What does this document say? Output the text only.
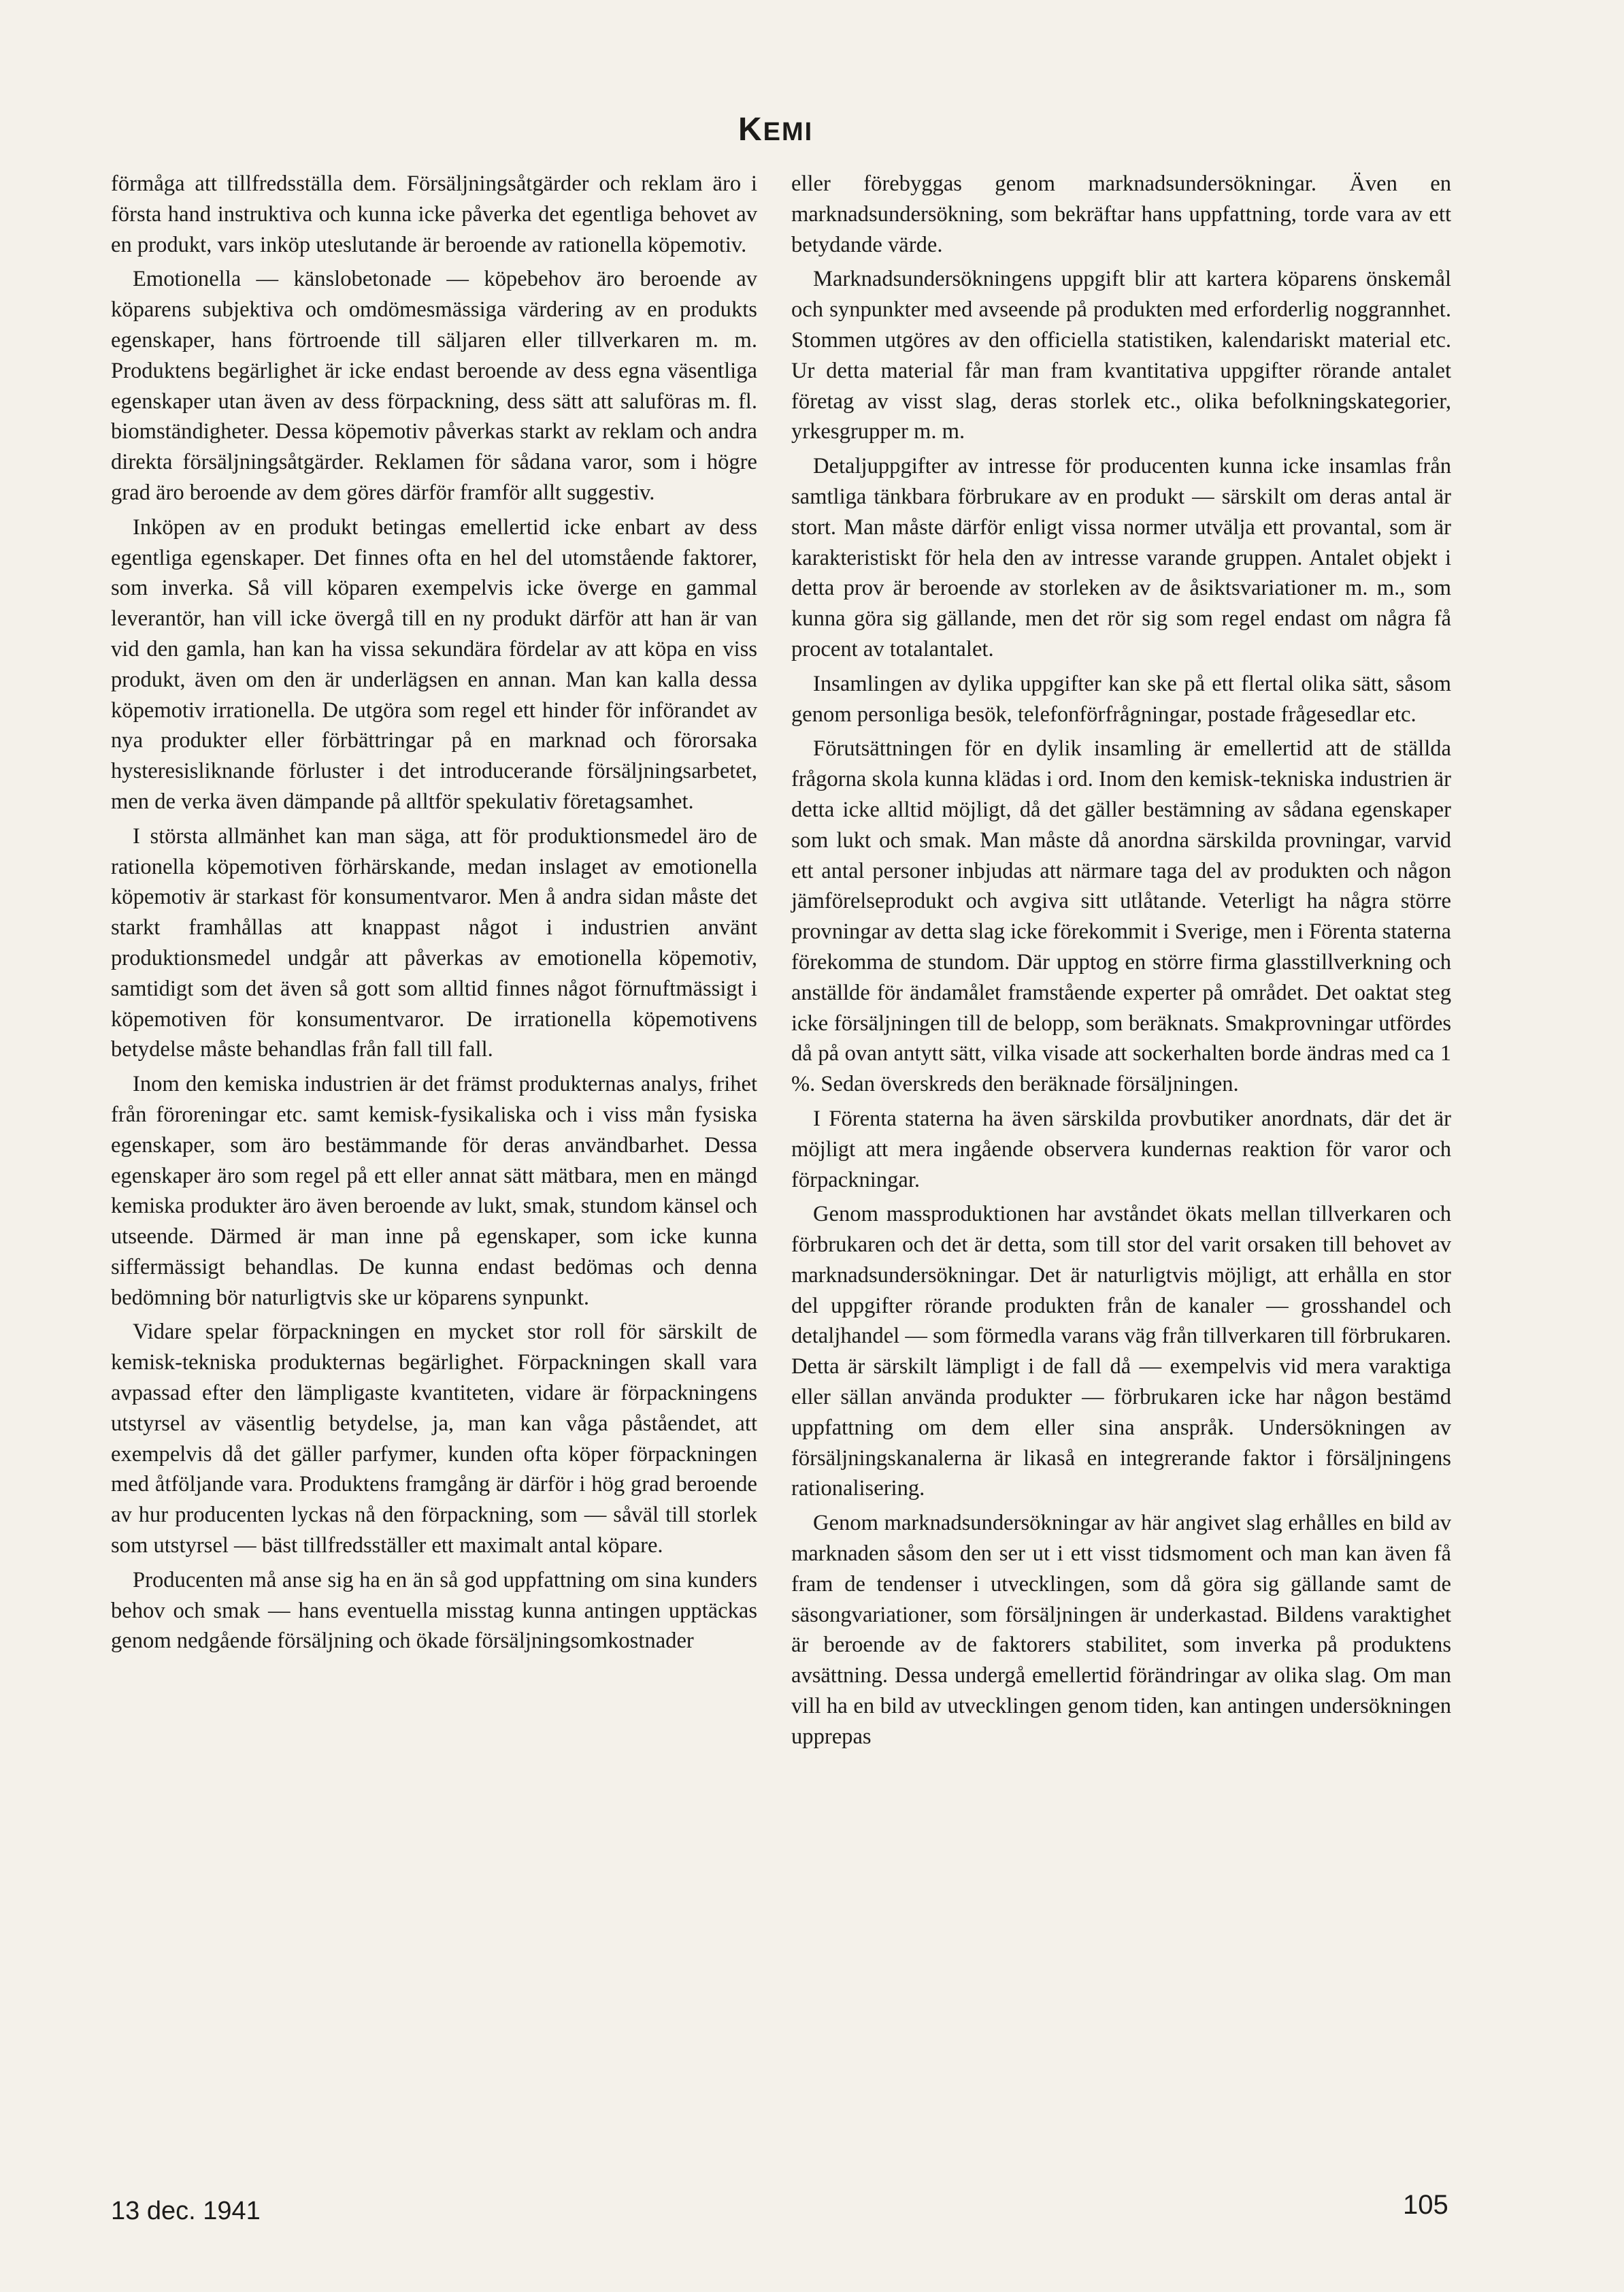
KEMI

förmåga att tillfredsställa dem. Försäljningsåtgärder och reklam äro i första hand instruktiva och kunna icke påverka det egentliga behovet av en produkt, vars inköp uteslutande är beroende av rationella köpemotiv.

Emotionella — känslobetonade — köpebehov äro beroende av köparens subjektiva och omdömesmässiga värdering av en produkts egenskaper, hans förtroende till säljaren eller tillverkaren m. m. Produktens begärlighet är icke endast beroende av dess egna väsentliga egenskaper utan även av dess förpackning, dess sätt att saluföras m. fl. biomständigheter. Dessa köpemotiv påverkas starkt av reklam och andra direkta försäljningsåtgärder. Reklamen för sådana varor, som i högre grad äro beroende av dem göres därför framför allt suggestiv.

Inköpen av en produkt betingas emellertid icke enbart av dess egentliga egenskaper. Det finnes ofta en hel del utomstående faktorer, som inverka. Så vill köparen exempelvis icke överge en gammal leverantör, han vill icke övergå till en ny produkt därför att han är van vid den gamla, han kan ha vissa sekundära fördelar av att köpa en viss produkt, även om den är underlägsen en annan. Man kan kalla dessa köpemotiv irrationella. De utgöra som regel ett hinder för införandet av nya produkter eller förbättringar på en marknad och förorsaka hysteresisliknande förluster i det introducerande försäljningsarbetet, men de verka även dämpande på alltför spekulativ företagsamhet.

I största allmänhet kan man säga, att för produktionsmedel äro de rationella köpemotiven förhärskande, medan inslaget av emotionella köpemotiv är starkast för konsumentvaror. Men å andra sidan måste det starkt framhållas att knappast något i industrien använt produktionsmedel undgår att påverkas av emotionella köpemotiv, samtidigt som det även så gott som alltid finnes något förnuftmässigt i köpemotiven för konsumentvaror. De irrationella köpemotivens betydelse måste behandlas från fall till fall.

Inom den kemiska industrien är det främst produkternas analys, frihet från föroreningar etc. samt kemisk-fysikaliska och i viss mån fysiska egenskaper, som äro bestämmande för deras användbarhet. Dessa egenskaper äro som regel på ett eller annat sätt mätbara, men en mängd kemiska produkter äro även beroende av lukt, smak, stundom känsel och utseende. Därmed är man inne på egenskaper, som icke kunna siffermässigt behandlas. De kunna endast bedömas och denna bedömning bör naturligtvis ske ur köparens synpunkt.

Vidare spelar förpackningen en mycket stor roll för särskilt de kemisk-tekniska produkternas begärlighet. Förpackningen skall vara avpassad efter den lämpligaste kvantiteten, vidare är förpackningens utstyrsel av väsentlig betydelse, ja, man kan våga påståendet, att exempelvis då det gäller parfymer, kunden ofta köper förpackningen med åtföljande vara. Produktens framgång är därför i hög grad beroende av hur producenten lyckas nå den förpackning, som — såväl till storlek som utstyrsel — bäst tillfredsställer ett maximalt antal köpare.

Producenten må anse sig ha en än så god uppfattning om sina kunders behov och smak — hans eventuella misstag kunna antingen upptäckas genom nedgående försäljning och ökade försäljningsomkostnader

eller förebyggas genom marknadsundersökningar. Även en marknadsundersökning, som bekräftar hans uppfattning, torde vara av ett betydande värde.

Marknadsundersökningens uppgift blir att kartera köparens önskemål och synpunkter med avseende på produkten med erforderlig noggrannhet. Stommen utgöres av den officiella statistiken, kalendariskt material etc. Ur detta material får man fram kvantitativa uppgifter rörande antalet företag av visst slag, deras storlek etc., olika befolkningskategorier, yrkesgrupper m. m.

Detaljuppgifter av intresse för producenten kunna icke insamlas från samtliga tänkbara förbrukare av en produkt — särskilt om deras antal är stort. Man måste därför enligt vissa normer utvälja ett provantal, som är karakteristiskt för hela den av intresse varande gruppen. Antalet objekt i detta prov är beroende av storleken av de åsiktsvariationer m. m., som kunna göra sig gällande, men det rör sig som regel endast om några få procent av totalantalet.

Insamlingen av dylika uppgifter kan ske på ett flertal olika sätt, såsom genom personliga besök, telefonförfrågningar, postade frågesedlar etc.

Förutsättningen för en dylik insamling är emellertid att de ställda frågorna skola kunna klädas i ord. Inom den kemisk-tekniska industrien är detta icke alltid möjligt, då det gäller bestämning av sådana egenskaper som lukt och smak. Man måste då anordna särskilda provningar, varvid ett antal personer inbjudas att närmare taga del av produkten och någon jämförelseprodukt och avgiva sitt utlåtande. Veterligt ha några större provningar av detta slag icke förekommit i Sverige, men i Förenta staterna förekomma de stundom. Där upptog en större firma glasstillverkning och anställde för ändamålet framstående experter på området. Det oaktat steg icke försäljningen till de belopp, som beräknats. Smakprovningar utfördes då på ovan antytt sätt, vilka visade att sockerhalten borde ändras med ca 1 %. Sedan överskreds den beräknade försäljningen.

I Förenta staterna ha även särskilda provbutiker anordnats, där det är möjligt att mera ingående observera kundernas reaktion för varor och förpackningar.

Genom massproduktionen har avståndet ökats mellan tillverkaren och förbrukaren och det är detta, som till stor del varit orsaken till behovet av marknadsundersökningar. Det är naturligtvis möjligt, att erhålla en stor del uppgifter rörande produkten från de kanaler — grosshandel och detaljhandel — som förmedla varans väg från tillverkaren till förbrukaren. Detta är särskilt lämpligt i de fall då — exempelvis vid mera varaktiga eller sällan använda produkter — förbrukaren icke har någon bestämd uppfattning om dem eller sina anspråk. Undersökningen av försäljningskanalerna är likaså en integrerande faktor i försäljningens rationalisering.

Genom marknadsundersökningar av här angivet slag erhålles en bild av marknaden såsom den ser ut i ett visst tidsmoment och man kan även få fram de tendenser i utvecklingen, som då göra sig gällande samt de säsongvariationer, som försäljningen är underkastad. Bildens varaktighet är beroende av de faktorers stabilitet, som inverka på produktens avsättning. Dessa undergå emellertid förändringar av olika slag. Om man vill ha en bild av utvecklingen genom tiden, kan antingen undersökningen upprepas

13 dec. 1941	105
